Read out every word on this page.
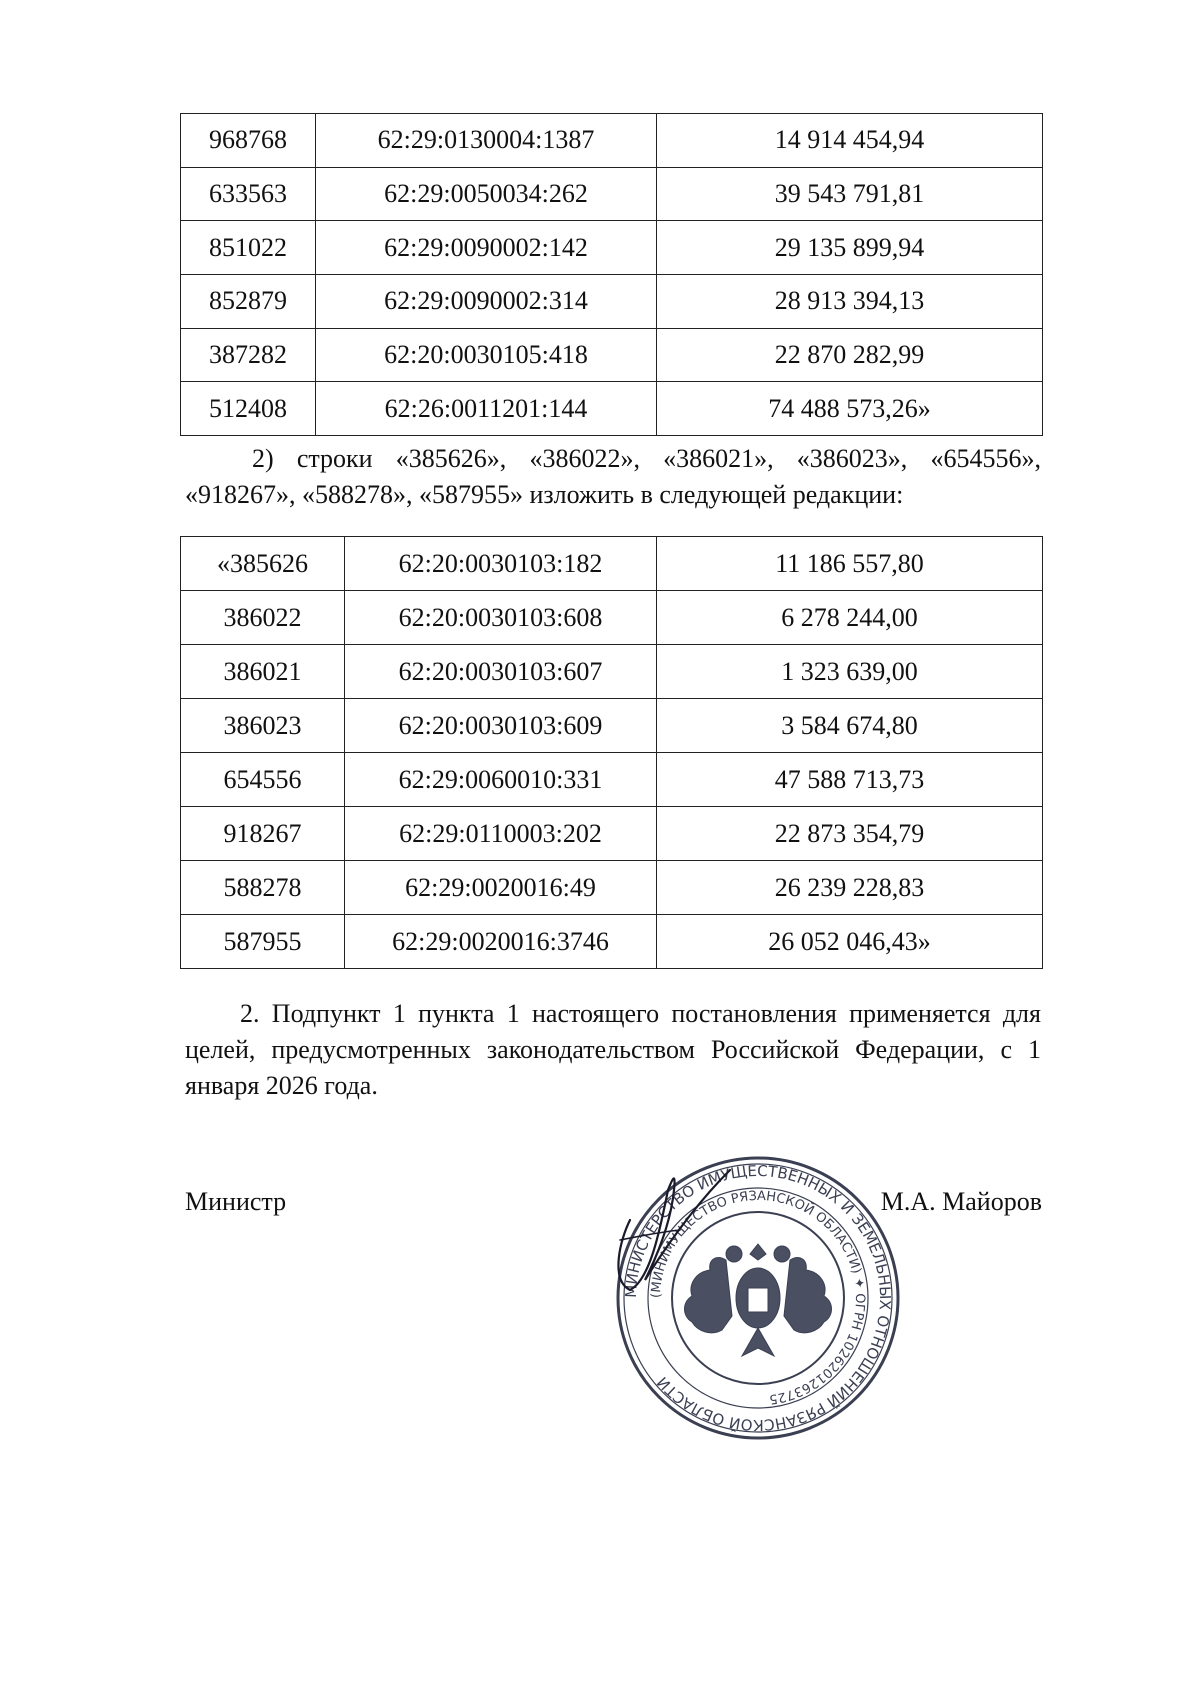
968768	62:29:0130004:1387	14 914 454,94
633563	62:29:0050034:262	39 543 791,81
851022	62:29:0090002:142	29 135 899,94
852879	62:29:0090002:314	28 913 394,13
387282	62:20:0030105:418	22 870 282,99
512408	62:26:0011201:144	74 488 573,26»

2) строки «385626», «386022», «386021», «386023», «654556», «918267», «588278», «587955» изложить в следующей редакции:

«385626	62:20:0030103:182	11 186 557,80
386022	62:20:0030103:608	6 278 244,00
386021	62:20:0030103:607	1 323 639,00
386023	62:20:0030103:609	3 584 674,80
654556	62:29:0060010:331	47 588 713,73
918267	62:29:0110003:202	22 873 354,79
588278	62:29:0020016:49	26 239 228,83
587955	62:29:0020016:3746	26 052 046,43»

2. Подпункт 1 пункта 1 настоящего постановления применяется для целей, предусмотренных законодательством Российской Федерации, с 1 января 2026 года.

Министр	М.А. Майоров
МИНИСТЕРСТВО ИМУЩЕСТВЕННЫХ И ЗЕМЕЛЬНЫХ ОТНОШЕНИЙ РЯЗАНСКОЙ ОБЛАСТИ
(МИНИМУЩЕСТВО РЯЗАНСКОЙ ОБЛАСТИ) ✦ ОГРН 1026201263725
